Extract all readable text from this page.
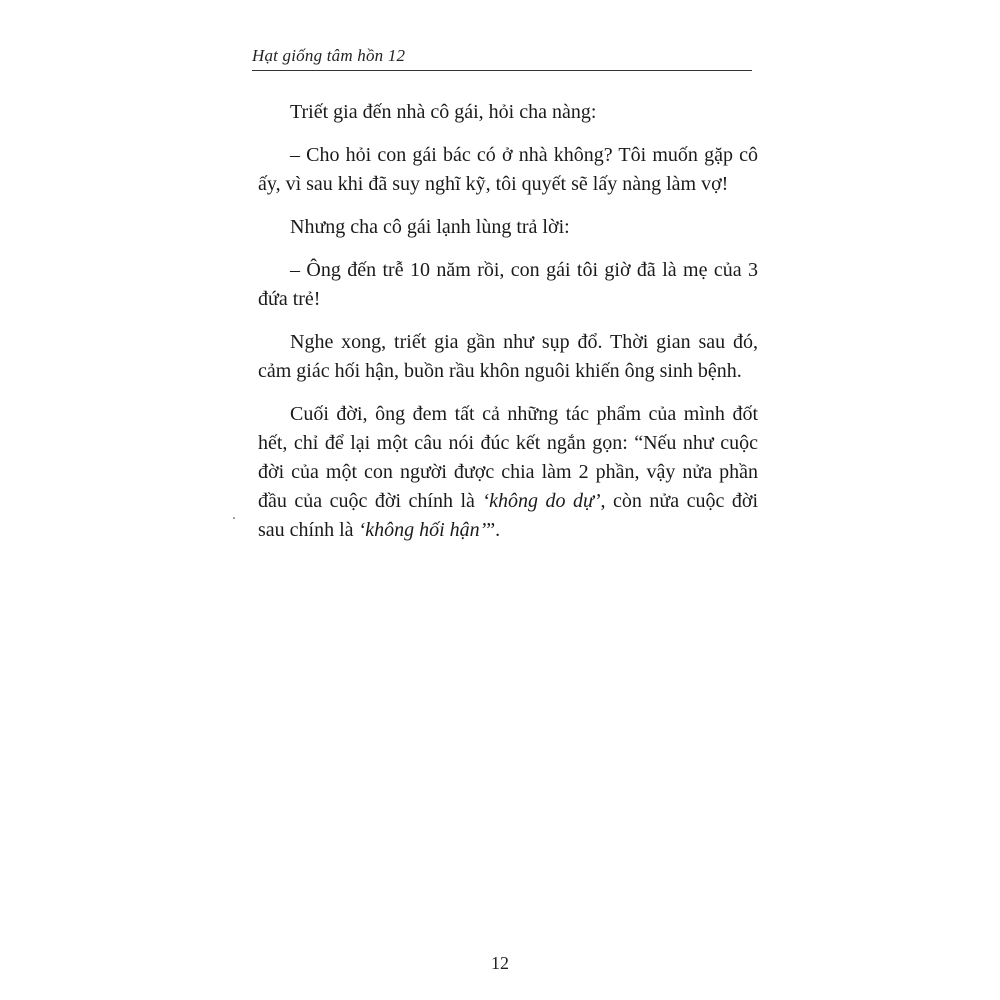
Hạt giống tâm hồn 12

Triết gia đến nhà cô gái, hỏi cha nàng:

– Cho hỏi con gái bác có ở nhà không? Tôi muốn gặp cô ấy, vì sau khi đã suy nghĩ kỹ, tôi quyết sẽ lấy nàng làm vợ!

Nhưng cha cô gái lạnh lùng trả lời:

– Ông đến trễ 10 năm rồi, con gái tôi giờ đã là mẹ của 3 đứa trẻ!

Nghe xong, triết gia gần như sụp đổ. Thời gian sau đó, cảm giác hối hận, buồn rầu khôn nguôi khiến ông sinh bệnh.

Cuối đời, ông đem tất cả những tác phẩm của mình đốt hết, chỉ để lại một câu nói đúc kết ngắn gọn: “Nếu như cuộc đời của một con người được chia làm 2 phần, vậy nửa phần đầu của cuộc đời chính là ‘không do dự’, còn nửa cuộc đời sau chính là ‘không hối hận’”.

12
